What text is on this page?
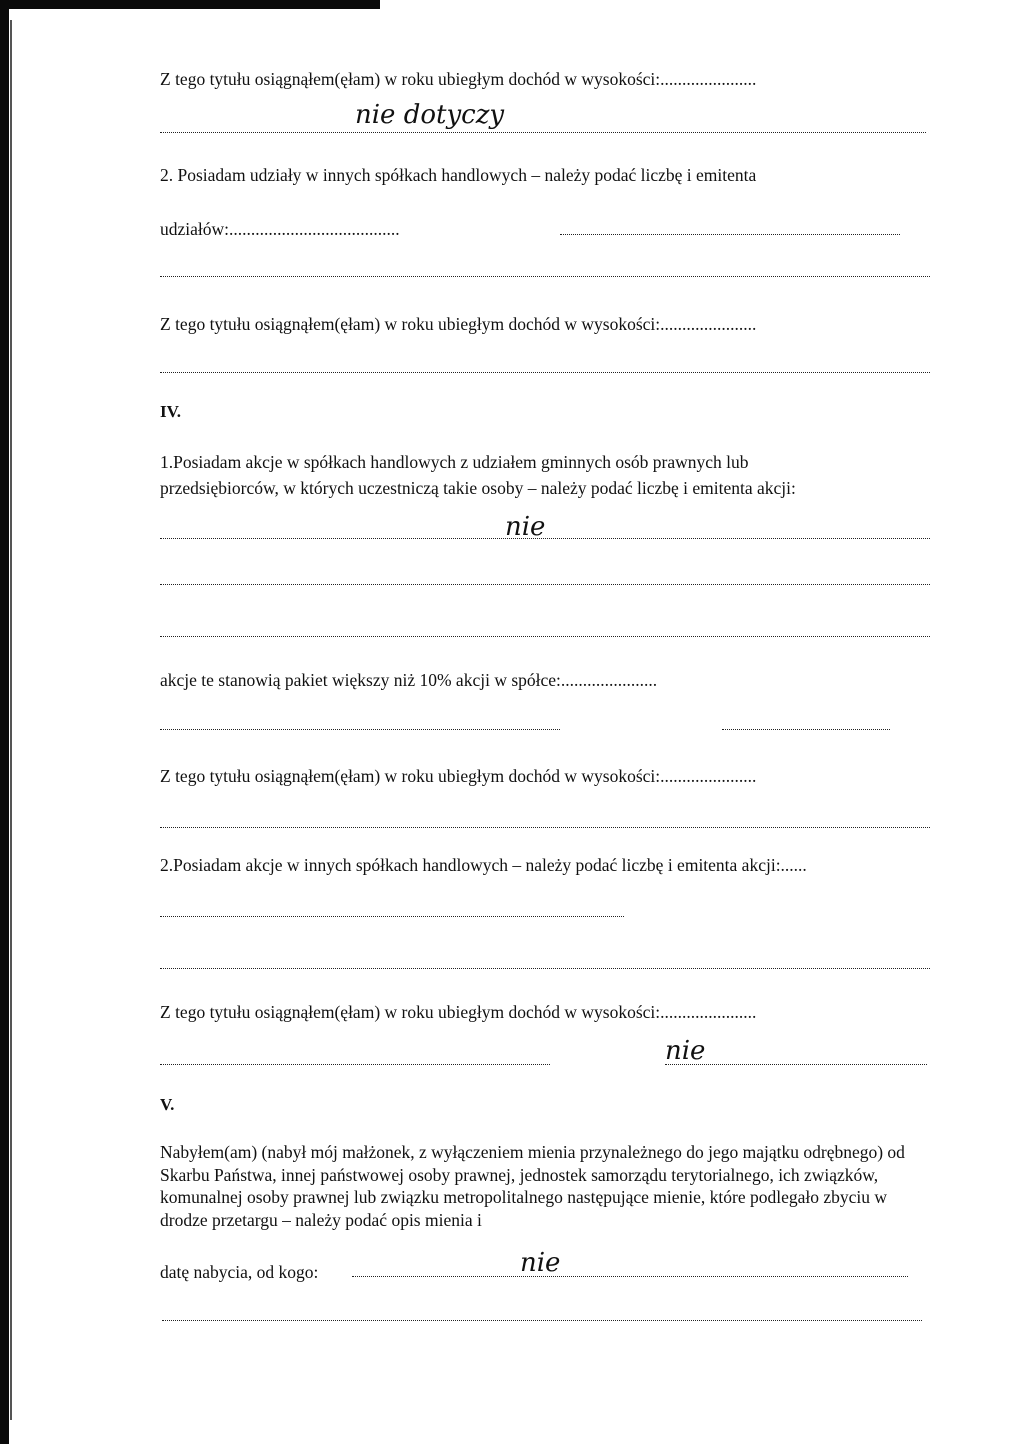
Z tego tytułu osiągnąłem(ęłam) w roku ubiegłym dochód w wysokości:......................
nie dotyczy
2. Posiadam udziały w innych spółkach handlowych – należy podać liczbę i emitenta
udziałów:.......................................
Z tego tytułu osiągnąłem(ęłam) w roku ubiegłym dochód w wysokości:......................
IV.
1.Posiadam akcje w spółkach handlowych z udziałem gminnych osób prawnych lub
przedsiębiorców, w których uczestniczą takie osoby – należy podać liczbę i emitenta akcji:
nie
akcje te stanowią pakiet większy niż 10% akcji w spółce:......................
Z tego tytułu osiągnąłem(ęłam) w roku ubiegłym dochód w wysokości:......................
2.Posiadam akcje w innych spółkach handlowych – należy podać liczbę i emitenta akcji:......
Z tego tytułu osiągnąłem(ęłam) w roku ubiegłym dochód w wysokości:......................
nie
V.
Nabyłem(am) (nabył mój małżonek, z wyłączeniem mienia przynależnego do jego majątku odrębnego) od Skarbu Państwa, innej państwowej osoby prawnej, jednostek samorządu terytorialnego, ich związków, komunalnej osoby prawnej lub związku metropolitalnego następujące mienie, które podlegało zbyciu w drodze przetargu – należy podać opis mienia i
datę nabycia, od kogo:	nie
